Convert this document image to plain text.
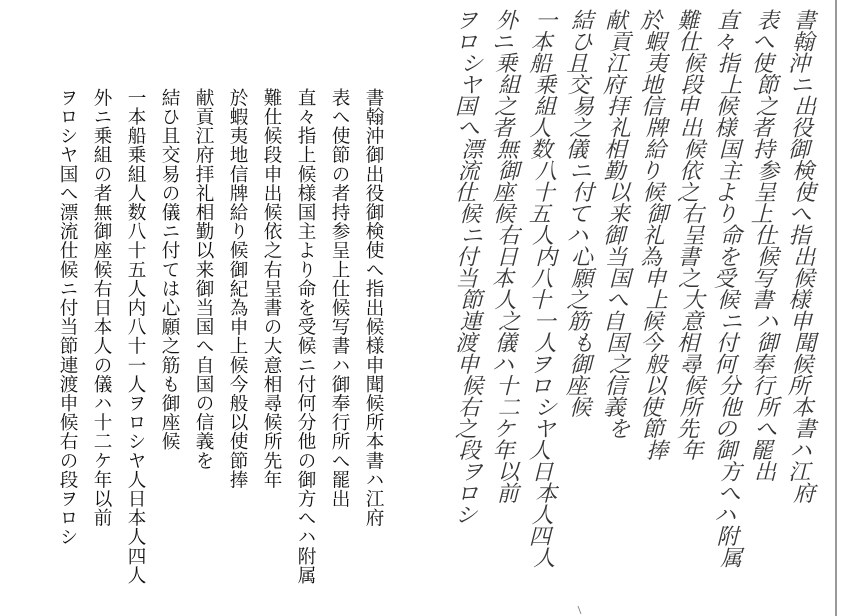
書翰沖御出役御検使へ指出候様申聞候所本書ハ江府

表へ使節の者持参呈上仕候写書ハ御奉行所へ罷出

直々指上候様国主より命を受候ニ付何分他の御方へハ附属

難仕候段申出候依之右呈書の大意相尋候所先年

於蝦夷地信牌給り候御紀為申上候今般以使節捧

献貢江府拝礼相勤以来御当国へ自国の信義を

結ひ且交易の儀ニ付ては心願之筋も御座候

一本船乗組人数八十五人内八十一人ヲロシヤ人日本人四人

外ニ乗組の者無御座候右日本人の儀ハ十二ケ年以前

ヲロシヤ国へ漂流仕候ニ付当節連渡申候右の段ヲロシ

書翰沖ニ出役御検使へ指出候様申聞候所本書ハ江府
表へ使節之者持参呈上仕候写書ハ御奉行所へ罷出
直々指上候様国主より命を受候ニ付何分他の御方へハ附属
難仕候段申出候依之右呈書之大意相尋候所先年
於蝦夷地信牌給り候御礼為申上候今般以使節捧
献貢江府拝礼相勤以来御当国へ自国之信義を
結ひ且交易之儀ニ付てハ心願之筋も御座候
一本船乗組人数八十五人内八十一人ヲロシヤ人日本人四人
外ニ乗組之者無御座候右日本人之儀ハ十二ケ年以前
ヲロシヤ国へ漂流仕候ニ付当節連渡申候右之段ヲロシ
